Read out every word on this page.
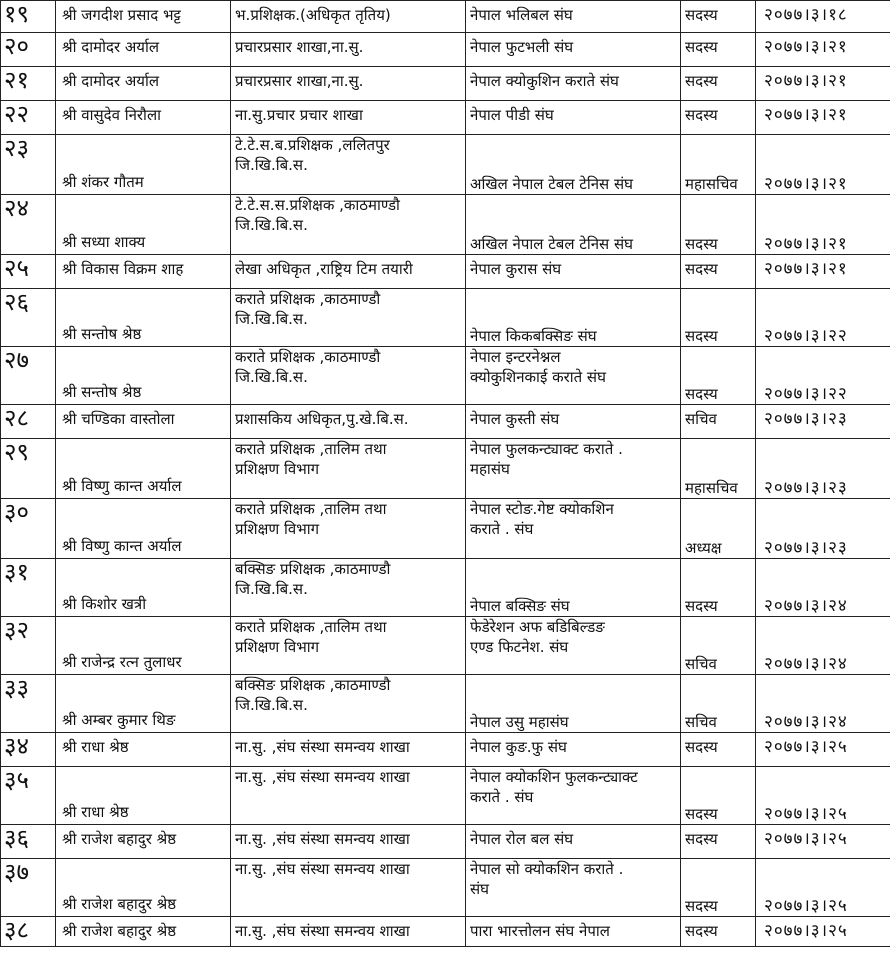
१९	श्री जगदीश प्रसाद भट्ट	भ.प्रशिक्षक.(अधिकृत तृतिय)	नेपाल भलिबल संघ	सदस्य	२०७७।३।१८

२०	श्री दामोदर अर्याल	प्रचारप्रसार शाखा,ना.सु.	नेपाल फुटभली संघ	सदस्य	२०७७।३।२१

२१	श्री दामोदर अर्याल	प्रचारप्रसार शाखा,ना.सु.	नेपाल क्योकुशिन कराते संघ	सदस्य	२०७७।३।२१

२२	श्री वासुदेव निरौला	ना.सु.प्रचार प्रचार शाखा	नेपाल पीडी संघ	सदस्य	२०७७।३।२१

२३	श्री शंकर गौतम	टे.टे.स.ब.प्रशिक्षक ,ललितपुर
जि.खि.बि.स.	अखिल नेपाल टेबल टेनिस संघ	महासचिव	२०७७।३।२१

२४	श्री सध्या शाक्य	टे.टे.स.स.प्रशिक्षक ,काठमाण्डौ
जि.खि.बि.स.	अखिल नेपाल टेबल टेनिस संघ	सदस्य	२०७७।३।२१

२५	श्री विकास विक्रम शाह	लेखा अधिकृत ,राष्ट्रिय टिम तयारी	नेपाल कुरास संघ	सदस्य	२०७७।३।२१

२६	श्री सन्तोष श्रेष्ठ	कराते प्रशिक्षक ,काठमाण्डौ
जि.खि.बि.स.	नेपाल किकबक्सिङ संघ	सदस्य	२०७७।३।२२

२७	श्री सन्तोष श्रेष्ठ	कराते प्रशिक्षक ,काठमाण्डौ
जि.खि.बि.स.	नेपाल इन्टरनेश्नल
क्योकुशिनकाई कराते संघ	सदस्य	२०७७।३।२२

२८	श्री चण्डिका वास्तोला	प्रशासकिय अधिकृत,पु.खे.बि.स.	नेपाल कुस्ती संघ	सचिव	२०७७।३।२३

२९	श्री विष्णु कान्त अर्याल	कराते प्रशिक्षक ,तालिम तथा
प्रशिक्षण विभाग	नेपाल फुलकन्ट्याक्ट कराते .
महासंघ	महासचिव	२०७७।३।२३

३०	श्री विष्णु कान्त अर्याल	कराते प्रशिक्षक ,तालिम तथा
प्रशिक्षण विभाग	नेपाल स्टोङ.गेष्ट क्योकशिन
कराते . संघ	अध्यक्ष	२०७७।३।२३

३१	श्री किशोर खत्री	बक्सिङ प्रशिक्षक ,काठमाण्डौ
जि.खि.बि.स.	नेपाल बक्सिङ संघ	सदस्य	२०७७।३।२४

३२	श्री राजेन्द्र रत्न तुलाधर	कराते प्रशिक्षक ,तालिम तथा
प्रशिक्षण विभाग	फेडेरेशन अफ बडिबिल्डङ
एण्ड फिटनेश. संघ	सचिव	२०७७।३।२४

३३	श्री अम्बर कुमार थिङ	बक्सिङ प्रशिक्षक ,काठमाण्डौ
जि.खि.बि.स.	नेपाल उसु महासंघ	सचिव	२०७७।३।२४

३४	श्री राधा श्रेष्ठ	ना.सु. ,संघ संस्था समन्वय शाखा	नेपाल कुङ.फु संघ	सदस्य	२०७७।३।२५

३५	श्री राधा श्रेष्ठ	ना.सु. ,संघ संस्था समन्वय शाखा	नेपाल क्योकशिन फुलकन्ट्याक्ट
कराते . संघ	सदस्य	२०७७।३।२५

३६	श्री राजेश बहादुर श्रेष्ठ	ना.सु. ,संघ संस्था समन्वय शाखा	नेपाल रोल बल संघ	सदस्य	२०७७।३।२५

३७	श्री राजेश बहादुर श्रेष्ठ	ना.सु. ,संघ संस्था समन्वय शाखा	नेपाल सो क्योकशिन कराते .
संघ	सदस्य	२०७७।३।२५

३८	श्री राजेश बहादुर श्रेष्ठ	ना.सु. ,संघ संस्था समन्वय शाखा	पारा भारत्तोलन संघ नेपाल	सदस्य	२०७७।३।२५
